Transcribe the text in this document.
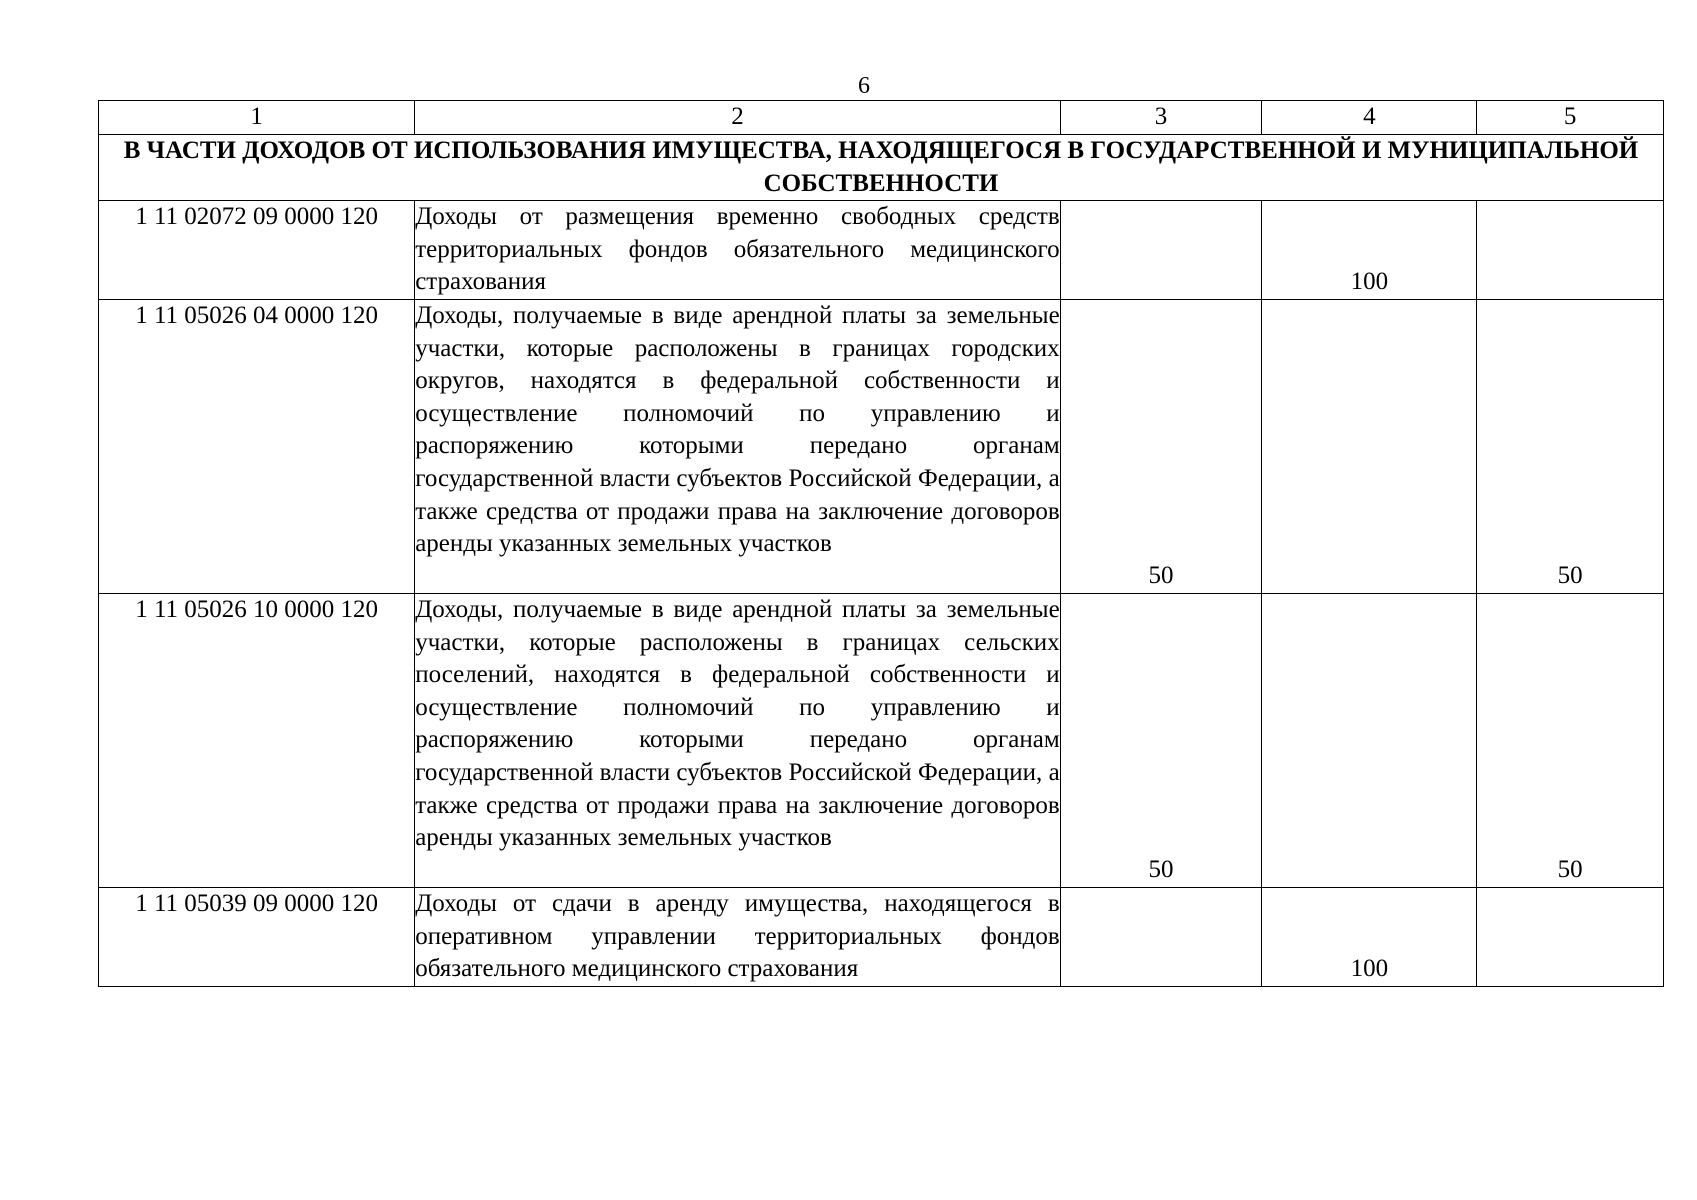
6
1	2	3	4	5
В ЧАСТИ ДОХОДОВ ОТ ИСПОЛЬЗОВАНИЯ ИМУЩЕСТВА, НАХОДЯЩЕГОСЯ В ГОСУДАРСТВЕННОЙ И МУНИЦИПАЛЬНОЙ СОБСТВЕННОСТИ				
1 11 02072 09 0000 120	Доходы от размещения временно свободных средств территориальных фондов обязательного медицинского страхования		100	
1 11 05026 04 0000 120	Доходы, получаемые в виде арендной платы за земельные участки, которые расположены в границах городских округов, находятся в федеральной собственности и осуществление полномочий по управлению и распоряжению которыми передано органам государственной власти субъектов Российской Федерации, а также средства от продажи права на заключение договоров аренды указанных земельных участков	50		50
1 11 05026 10 0000 120	Доходы, получаемые в виде арендной платы за земельные участки, которые расположены в границах сельских поселений, находятся в федеральной собственности и осуществление полномочий по управлению и распоряжению которыми передано органам государственной власти субъектов Российской Федерации, а также средства от продажи права на заключение договоров аренды указанных земельных участков	50		50
1 11 05039 09 0000 120	Доходы от сдачи в аренду имущества, находящегося в оперативном управлении территориальных фондов обязательного медицинского страхования		100	
